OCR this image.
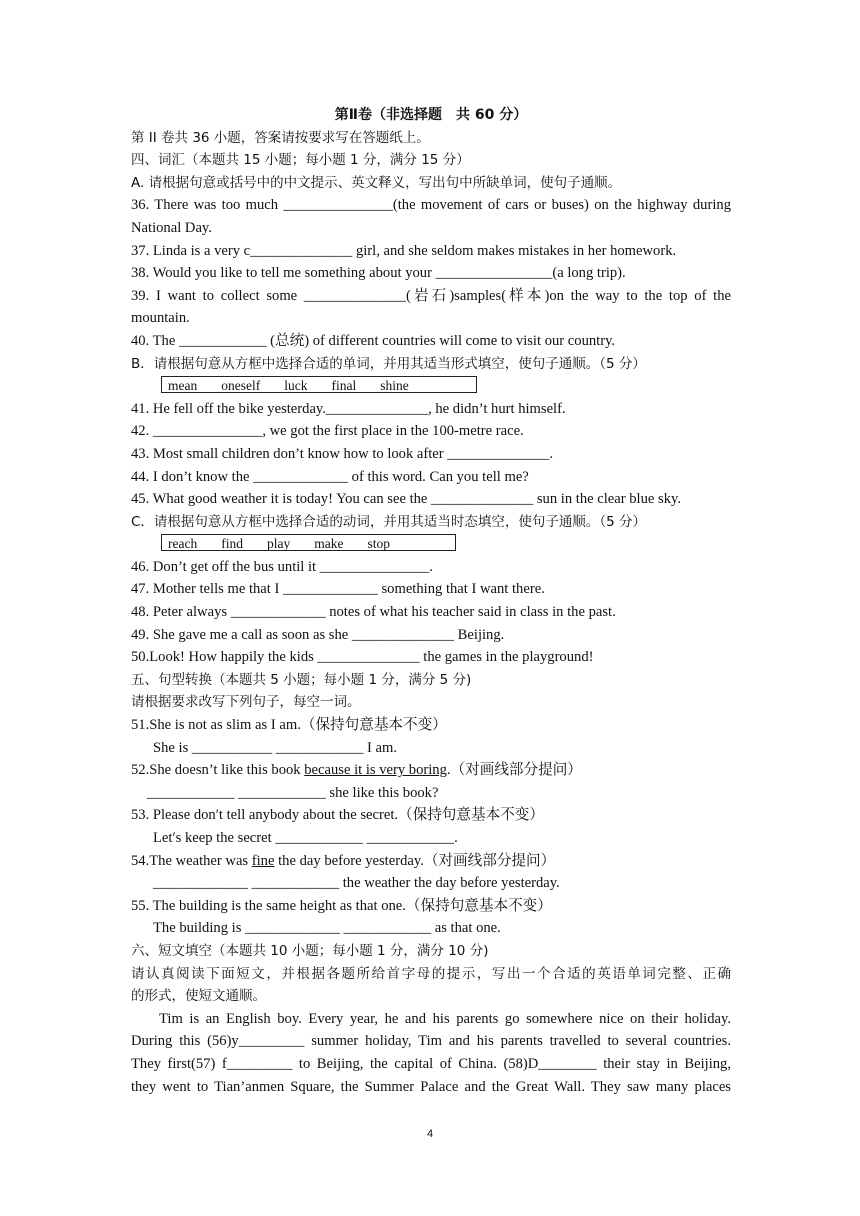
第Ⅱ卷（非选择题　共 60 分）
第 II 卷共 36 小题，答案请按要求写在答题纸上。
四、词汇（本题共 15 小题；每小题 1 分，满分 15 分）
A. 请根据句意或括号中的中文提示、英文释义，写出句中所缺单词，使句子通顺。
36. There was too much _______________(the movement of cars or buses) on the highway during
National Day.
37. Linda is a very c______________ girl, and she seldom makes mistakes in her homework.
38. Would you like to tell me something about your ________________(a long trip).
39. I want to collect some ______________(岩石)samples(样本)on the way to the top of the
mountain.
40. The ____________ (总统) of different countries will come to visit our country.
B．请根据句意从方框中选择合适的单词，并用其适当形式填空，使句子通顺。（5 分）
mean oneself luck final shine
41. He fell off the bike yesterday.______________, he didn’t hurt himself.
42. _______________, we got the first place in the 100-metre race.
43. Most small children don’t know how to look after ______________.
44. I don’t know the _____________ of this word. Can you tell me?
45. What good weather it is today! You can see the ______________ sun in the clear blue sky.
C．请根据句意从方框中选择合适的动词，并用其适当时态填空，使句子通顺。（5 分）
reach find play make stop
46. Don’t get off the bus until it _______________.
47. Mother tells me that I _____________ something that I want there.
48. Peter always _____________ notes of what his teacher said in class in the past.
49. She gave me a call as soon as she ______________ Beijing.
50.Look! How happily the kids ______________ the games in the playground!
五、句型转换（本题共 5 小题；每小题 1 分，满分 5 分)
请根据要求改写下列句子，每空一词。
51.She is not as slim as I am.（保持句意基本不变）
She is ___________ ____________ I am.
52.She doesn’t like this book because it is very boring.（对画线部分提问）
____________ ____________ she like this book?
53. Please don′t tell anybody about the secret.（保持句意基本不变）
Let′s keep the secret ____________ ____________.
54.The weather was fine the day before yesterday.（对画线部分提问）
_____________ ____________ the weather the day before yesterday.
55. The building is the same height as that one.（保持句意基本不变）
The building is _____________ ____________ as that one.
六、短文填空（本题共 10 小题；每小题 1 分，满分 10 分)
请认真阅读下面短文，并根据各题所给首字母的提示，写出一个合适的英语单词完整、正确
的形式，使短文通顺。
Tim is an English boy. Every year, he and his parents go somewhere nice on their holiday.
During this (56)y_________ summer holiday, Tim and his parents travelled to several countries.
They first(57) f_________ to Beijing, the capital of China. (58)D________ their stay in Beijing,
they went to Tian’anmen Square, the Summer Palace and the Great Wall. They saw many places
4
